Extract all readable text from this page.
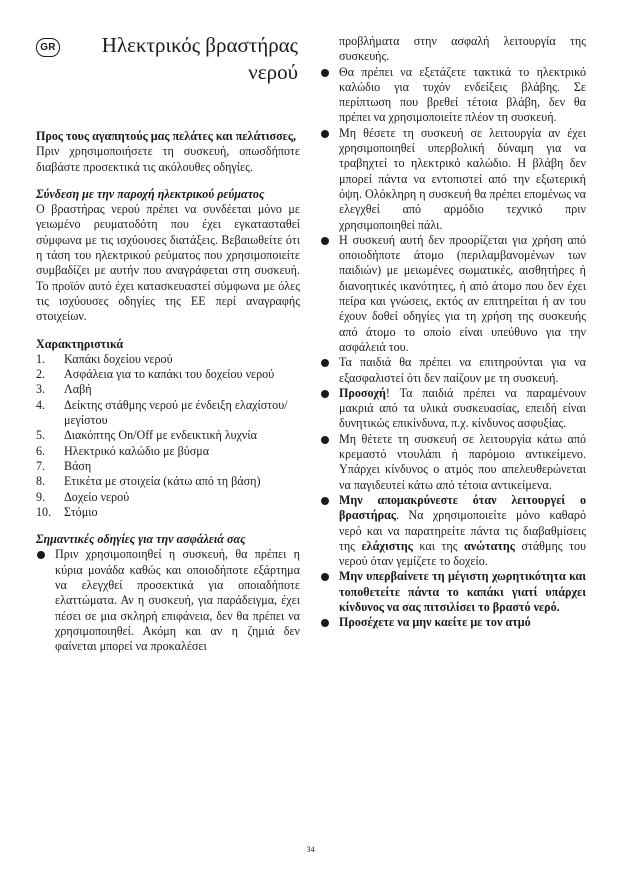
GR	Ηλεκτρικός βραστήρας
νερού

Προς τους αγαπητούς μας πελάτες και πελάτισσες,

Πριν χρησιμοποιήσετε τη συσκευή, οπωσδήποτε διαβάστε προσεκτικά τις ακόλουθες οδηγίες.

Σύνδεση με την παροχή ηλεκτρικού ρεύματος

Ο βραστήρας νερού πρέπει να συνδέεται μόνο με γειωμένο ρευματοδότη που έχει εγκατασταθεί σύμφωνα με τις ισχύουσες διατάξεις. Βεβαιωθείτε ότι η τάση του ηλεκτρικού ρεύματος που χρησιμοποιείτε συμβαδίζει με αυτήν που αναγράφεται στη συσκευή. Το προϊόν αυτό έχει κατασκευαστεί σύμφωνα με όλες τις ισχύουσες οδηγίες της ΕΕ περί αναγραφής στοιχείων.

Χαρακτηριστικά

1.	Καπάκι δοχείου νερού
2.	Ασφάλεια για το καπάκι του δοχείου νερού
3.	Λαβή
4.	Δείκτης στάθμης νερού με ένδειξη ελαχίστου/μεγίστου
5.	Διακόπτης On/Off με ενδεικτική λυχνία
6.	Ηλεκτρικό καλώδιο με βύσμα
7.	Βάση
8.	Ετικέτα με στοιχεία (κάτω από τη βάση)
9.	Δοχείο νερού
10.	Στόμιο

Σημαντικές οδηγίες για την ασφάλειά σας

Πριν χρησιμοποιηθεί η συσκευή, θα πρέπει η κύρια μονάδα καθώς και οποιοδήποτε εξάρτημα να ελεγχθεί προσεκτικά για οποιαδήποτε ελαττώματα. Αν η συσκευή, για παράδειγμα, έχει πέσει σε μια σκληρή επιφάνεια, δεν θα πρέπει να χρησιμοποιηθεί. Ακόμη και αν η ζημιά δεν φαίνεται μπορεί να προκαλέσει

προβλήματα στην ασφαλή λειτουργία της συσκευής.

Θα πρέπει να εξετάζετε τακτικά το ηλεκτρικό καλώδιο για τυχόν ενδείξεις βλάβης. Σε περίπτωση που βρεθεί τέτοια βλάβη, δεν θα πρέπει να χρησιμοποιείτε πλέον τη συσκευή.
Μη θέσετε τη συσκευή σε λειτουργία αν έχει χρησιμοποιηθεί υπερβολική δύναμη για να τραβηχτεί το ηλεκτρικό καλώδιο. Η βλάβη δεν μπορεί πάντα να εντοπιστεί από την εξωτερική όψη. Ολόκληρη η συσκευή θα πρέπει επομένως να ελεγχθεί από αρμόδιο τεχνικό πριν χρησιμοποιηθεί πάλι.
Η συσκευή αυτή δεν προορίζεται για χρήση από οποιοδήποτε άτομο (περιλαμβανομένων των παιδιών) με μειωμένες σωματικές, αισθητήρες ή διανοητικές ικανότητες, ή από άτομο που δεν έχει πείρα και γνώσεις, εκτός αν επιτηρείται ή αν του έχουν δοθεί οδηγίες για τη χρήση της συσκευής από άτομο το οποίο είναι υπεύθυνο για την ασφάλειά του.
Τα παιδιά θα πρέπει να επιτηρούνται για να εξασφαλιστεί ότι δεν παίζουν με τη συσκευή.
Προσοχή! Τα παιδιά πρέπει να παραμένουν μακριά από τα υλικά συσκευασίας, επειδή είναι δυνητικώς επικίνδυνα, π.χ. κίνδυνος ασφυξίας.
Μη θέτετε τη συσκευή σε λειτουργία κάτω από κρεμαστό ντουλάπι ή παρόμοιο αντικείμενο. Υπάρχει κίνδυνος ο ατμός που απελευθερώνεται να παγιδευτεί κάτω από τέτοια αντικείμενα.
Μην απομακρύνεστε όταν λειτουργεί ο βραστήρας. Να χρησιμοποιείτε μόνο καθαρό νερό και να παρατηρείτε πάντα τις διαβαθμίσεις της ελάχιστης και της ανώτατης στάθμης του νερού όταν γεμίζετε το δοχείο.
Μην υπερβαίνετε τη μέγιστη χωρητικότητα και τοποθετείτε πάντα το καπάκι γιατί υπάρχει κίνδυνος να σας πιτσιλίσει το βραστό νερό.
Προσέχετε να μην καείτε με τον ατμό
34
